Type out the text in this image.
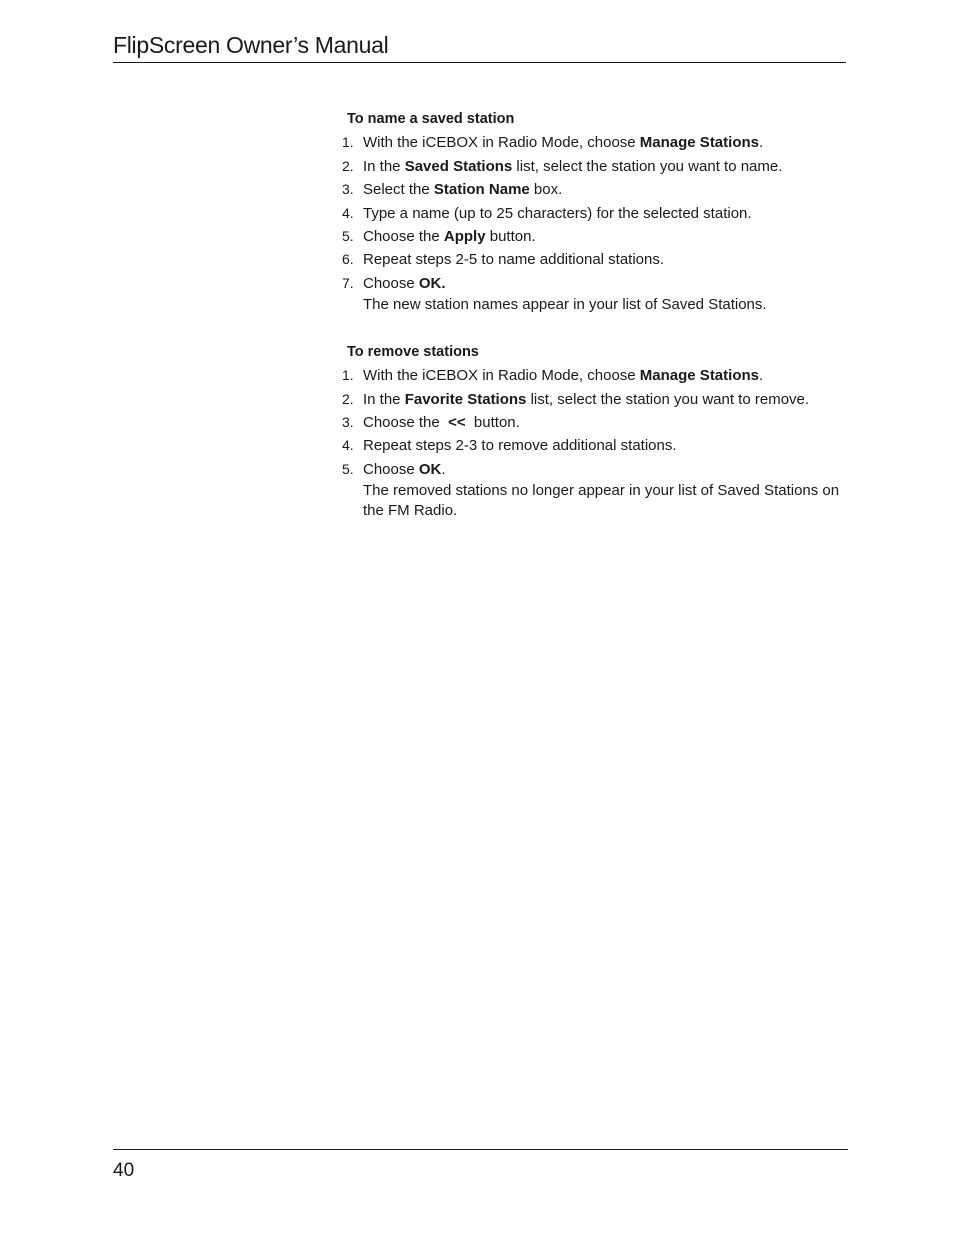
FlipScreen Owner’s Manual
To name a saved station
1. With the iCEBOX in Radio Mode, choose Manage Stations.
2. In the Saved Stations list, select the station you want to name.
3. Select the Station Name box.
4. Type a name (up to 25 characters) for the selected station.
5. Choose the Apply button.
6. Repeat steps 2-5 to name additional stations.
7. Choose OK.
The new station names appear in your list of Saved Stations.
To remove stations
1. With the iCEBOX in Radio Mode, choose Manage Stations.
2. In the Favorite Stations list, select the station you want to remove.
3. Choose the  <<  button.
4. Repeat steps 2-3 to remove additional stations.
5. Choose OK.
The removed stations no longer appear in your list of Saved Stations on the FM Radio.
40
